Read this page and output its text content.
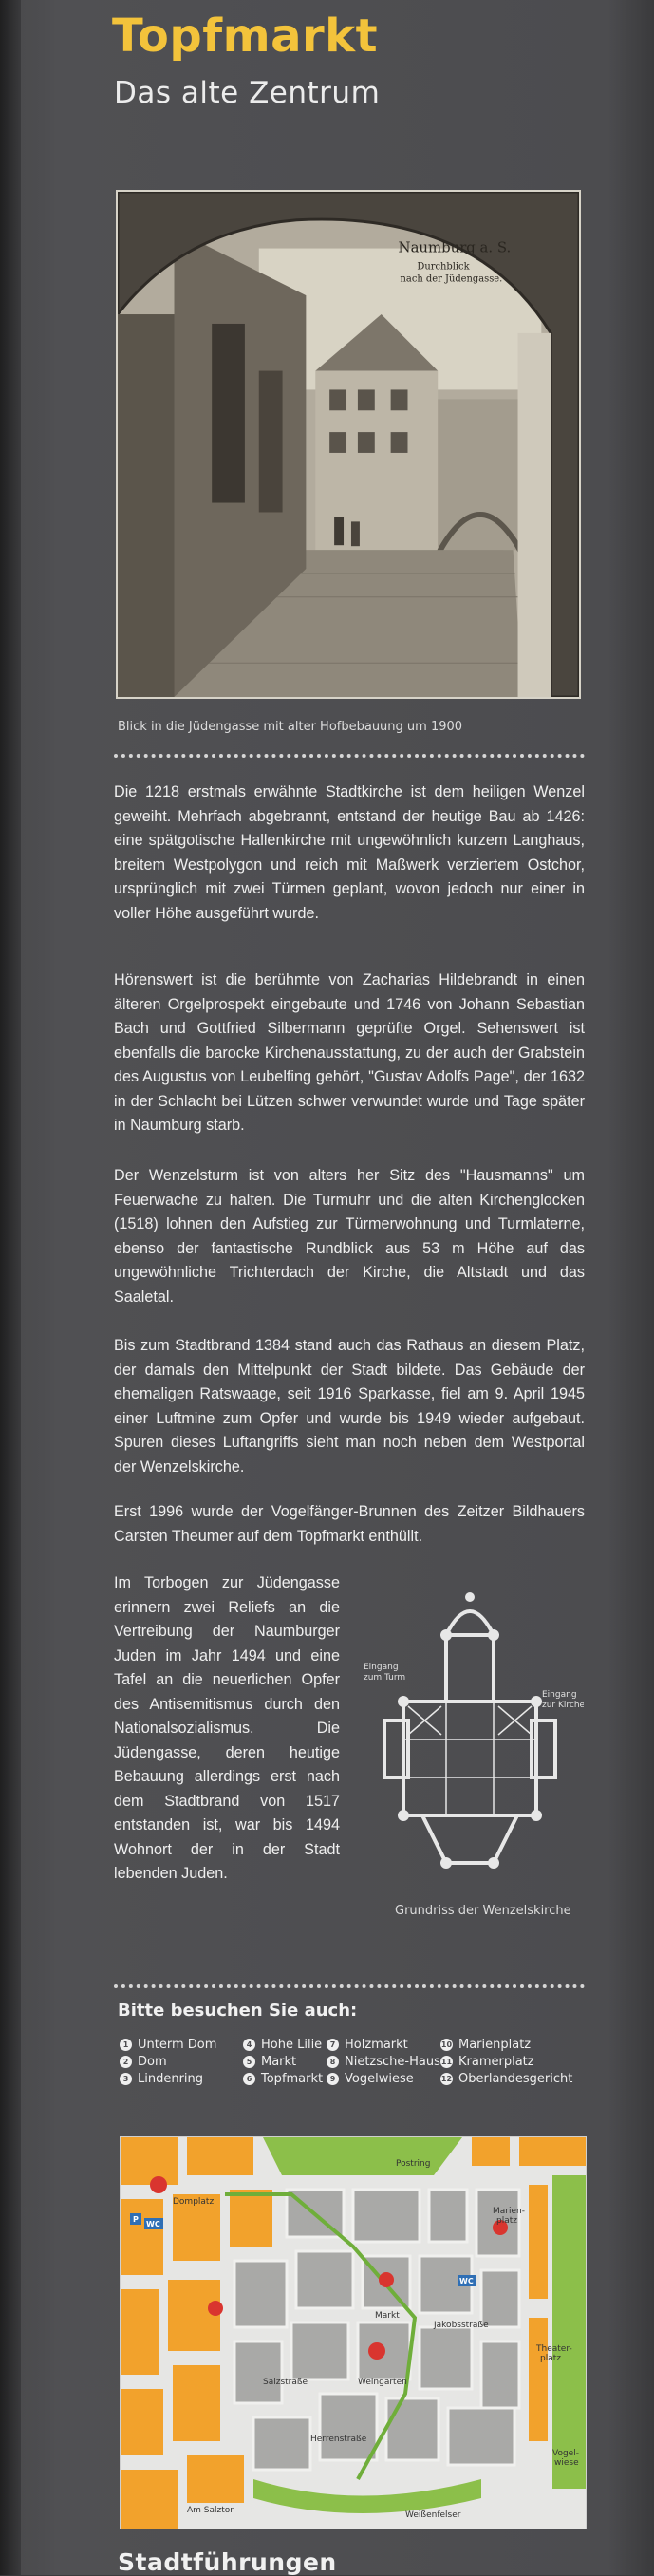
Topfmarkt
Das alte Zentrum
Naumburg a. S.
Durchblick
nach der Jüdengasse.
Blick in die Jüdengasse mit alter Hofbebauung um 1900
Die 1218 erstmals erwähnte Stadtkirche ist dem heiligen Wenzel geweiht. Mehrfach abgebrannt, entstand der heutige Bau ab 1426: eine spätgotische Hallenkirche mit ungewöhnlich kurzem Langhaus, breitem Westpolygon und reich mit Maßwerk verziertem Ostchor, ursprünglich mit zwei Türmen geplant, wovon jedoch nur einer in voller Höhe ausgeführt wurde.
Hörenswert ist die berühmte von Zacharias Hildebrandt in einen älteren Orgelprospekt eingebaute und 1746 von Johann Sebastian Bach und Gottfried Silbermann geprüfte Orgel. Sehenswert ist ebenfalls die barocke Kirchenausstattung, zu der auch der Grabstein des Augustus von Leubelfing gehört, "Gustav Adolfs Page", der 1632 in der Schlacht bei Lützen schwer verwundet wurde und Tage später in Naumburg starb.
Der Wenzelsturm ist von alters her Sitz des "Hausmanns" um Feuerwache zu halten. Die Turmuhr und die alten Kirchenglocken (1518) lohnen den Aufstieg zur Türmerwohnung und Turmlaterne, ebenso der fantastische Rundblick aus 53 m Höhe auf das ungewöhnliche Trichterdach der Kirche, die Altstadt und das Saaletal.
Bis zum Stadtbrand 1384 stand auch das Rathaus an diesem Platz, der damals den Mittelpunkt der Stadt bildete. Das Gebäude der ehemaligen Ratswaage, seit 1916 Sparkasse, fiel am 9. April 1945 einer Luftmine zum Opfer und wurde bis 1949 wieder aufgebaut. Spuren dieses Luftangriffs sieht man noch neben dem Westportal der Wenzelskirche.
Erst 1996 wurde der Vogelfänger-Brunnen des Zeitzer Bildhauers Carsten Theumer auf dem Topfmarkt enthüllt.
Im Torbogen zur Jüdengasse erinnern zwei Reliefs an die Vertreibung der Naumburger Juden im Jahr 1494 und eine Tafel an die neuerlichen Opfer des Antisemitismus durch den Nationalsozialismus. Die Jüdengasse, deren heutige Bebauung allerdings erst nach dem Stadtbrand von 1517 entstanden ist, war bis 1494 Wohnort der in der Stadt lebenden Juden.
Eingang
zum Turm
Eingang
zur Kirche
Grundriss der Wenzelskirche
Bitte besuchen Sie auch:
1 Unterm Dom	4 Hohe Lilie	7 Holzmarkt	10 Marienplatz
2 Dom	5 Markt	8 Nietzsche-Haus 11 Kramerplatz
3 Lindenring	6 Topfmarkt 9 Vogelwiese	12 Oberlandesgericht
Domplatz
Postring
Marien-
platz
Markt
Jakobsstraße
Salzstraße	Weingarten
Theater-
platz
Vogel-
wiese
Weißenfelser
Am Salztor
Herrenstraße
WC
WC
P
Stadtführungen
